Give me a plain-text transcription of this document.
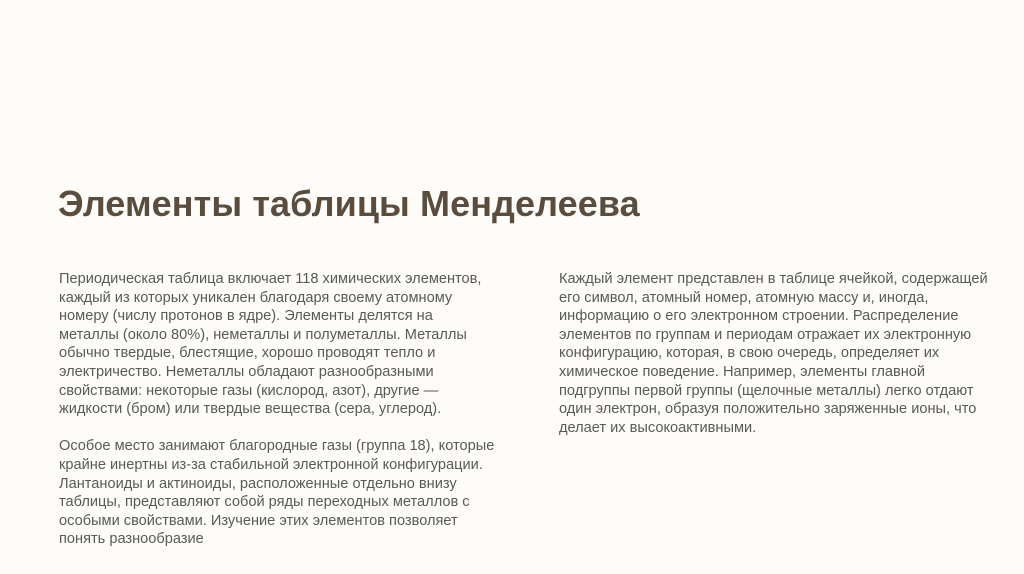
Элементы таблицы Менделеева

Периодическая таблица включает 118 химических элементов, каждый из которых уникален благодаря своему атомному номеру (числу протонов в ядре). Элементы делятся на металлы (около 80%), неметаллы и полуметаллы. Металлы обычно твердые, блестящие, хорошо проводят тепло и электричество. Неметаллы обладают разнообразными свойствами: некоторые газы (кислород, азот), другие — жидкости (бром) или твердые вещества (сера, углерод).

Особое место занимают благородные газы (группа 18), которые крайне инертны из-за стабильной электронной конфигурации. Лантаноиды и актиноиды, расположенные отдельно внизу таблицы, представляют собой ряды переходных металлов с особыми свойствами. Изучение этих элементов позволяет понять разнообразие

Каждый элемент представлен в таблице ячейкой, содержащей его символ, атомный номер, атомную массу и, иногда, информацию о его электронном строении. Распределение элементов по группам и периодам отражает их электронную конфигурацию, которая, в свою очередь, определяет их химическое поведение. Например, элементы главной подгруппы первой группы (щелочные металлы) легко отдают один электрон, образуя положительно заряженные ионы, что делает их высокоактивными.
